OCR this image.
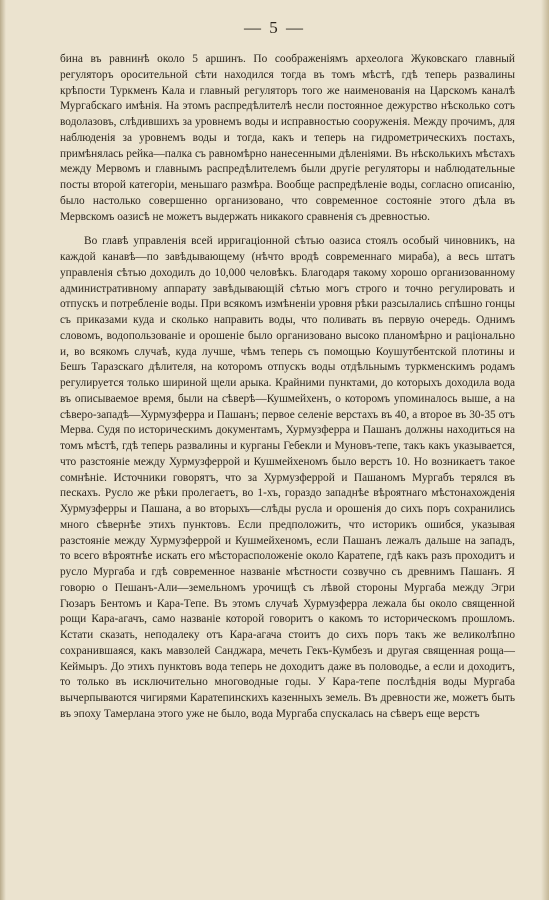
— 5 —

бина въ равнинѣ около 5 аршинъ. По соображеніямъ археолога Жуковскаго главный регуляторъ оросительной сѣти находился тогда въ томъ мѣстѣ, гдѣ теперь развалины крѣпости Туркменъ Кала и главный регуляторъ того же наименованія на Царскомъ каналѣ Мургабскаго имѣнія. На этомъ распредѣлителѣ несли постоянное дежурство нѣсколько сотъ водолазовъ, слѣдившихъ за уровнемъ воды и исправностью сооруженія. Между прочимъ, для наблюденія за уровнемъ воды и тогда, какъ и теперь на гидрометрическихъ постахъ, примѣнялась рейка—палка съ равномѣрно нанесенными дѣленіями. Въ нѣсколькихъ мѣстахъ между Мервомъ и главнымъ распредѣлителемъ были другіе регуляторы и наблюдательные посты второй категоріи, меньшаго размѣра. Вообще распредѣленіе воды, согласно описанію, было настолько совершенно организовано, что современное состояніе этого дѣла въ Мервскомъ оазисѣ не можетъ выдержать никакого сравненія съ древностью.

Во главѣ управленія всей ирригаціонной сѣтью оазиса стоялъ особый чиновникъ, на каждой канавѣ—по завѣдывающему (нѣчто вродѣ современнаго мираба), а весь штатъ управленія сѣтью доходилъ до 10,000 человѣкъ. Благодаря такому хорошо организованному административному аппарату завѣдывающій сѣтью могъ строго и точно регулировать и отпускъ и потребленіе воды. При всякомъ измѣненіи уровня рѣки разсылались спѣшно гонцы съ приказами куда и сколько направить воды, что поливать въ первую очередь. Однимъ словомъ, водопользованіе и орошеніе было организовано высоко планомѣрно и раціонально и, во всякомъ случаѣ, куда лучше, чѣмъ теперь съ помощью Коушутбентской плотины и Бешъ Таразскаго дѣлителя, на которомъ отпускъ воды отдѣльнымъ туркменскимъ родамъ регулируется только шириной щели арыка. Крайними пунктами, до которыхъ доходила вода въ описываемое время, были на сѣверѣ—Кушмейхенъ, о которомъ упоминалось выше, а на сѣверо-западѣ—Хурмузферра и Пашанъ; первое селеніе верстахъ въ 40, а второе въ 30-35 отъ Мерва. Судя по историческимъ документамъ, Хурмузферра и Пашанъ должны находиться на томъ мѣстѣ, гдѣ теперь развалины и курганы Гебекли и Муновъ-тепе, такъ какъ указывается, что разстояніе между Хурмузферрой и Кушмейхеномъ было верстъ 10. Но возникаетъ такое сомнѣніе. Источники говорятъ, что за Хурмузферрой и Пашаномъ Мургабъ терялся въ пескахъ. Русло же рѣки пролегаетъ, во 1-хъ, гораздо западнѣе вѣроятнаго мѣстонахожденія Хурмузферры и Пашана, а во вторыхъ—слѣды русла и орошенія до сихъ поръ сохранились много сѣвернѣе этихъ пунктовъ. Если предположить, что историкъ ошибся, указывая разстояніе между Хурмузферрой и Кушмейхеномъ, если Пашанъ лежалъ дальше на западъ, то всего вѣроятнѣе искать его мѣсторасположеніе около Каратепе, гдѣ какъ разъ проходитъ и русло Мургаба и гдѣ современное названіе мѣстности созвучно съ древнимъ Пашанъ. Я говорю о Пешанъ-Али—земельномъ урочищѣ съ лѣвой стороны Мургаба между Эгри Гюзаръ Бентомъ и Кара-Тепе. Въ этомъ случаѣ Хурмузферра лежала бы около священной рощи Кара-агачъ, само названіе которой говоритъ о какомъ то историческомъ прошломъ. Кстати сказать, неподалеку отъ Кара-агача стоитъ до сихъ поръ такъ же великолѣпно сохранившаяся, какъ мавзолей Санджара, мечеть Гекъ-Кумбезъ и другая священная роща—Кеймыръ. До этихъ пунктовъ вода теперь не доходитъ даже въ половодье, а если и доходитъ, то только въ исключительно многоводные годы. У Кара-тепе послѣднія воды Мургаба вычерпываются чигирями Каратепинскихъ казенныхъ земель. Въ древности же, можетъ быть въ эпоху Тамерлана этого уже не было, вода Мургаба спускалась на сѣверъ еще верстъ
